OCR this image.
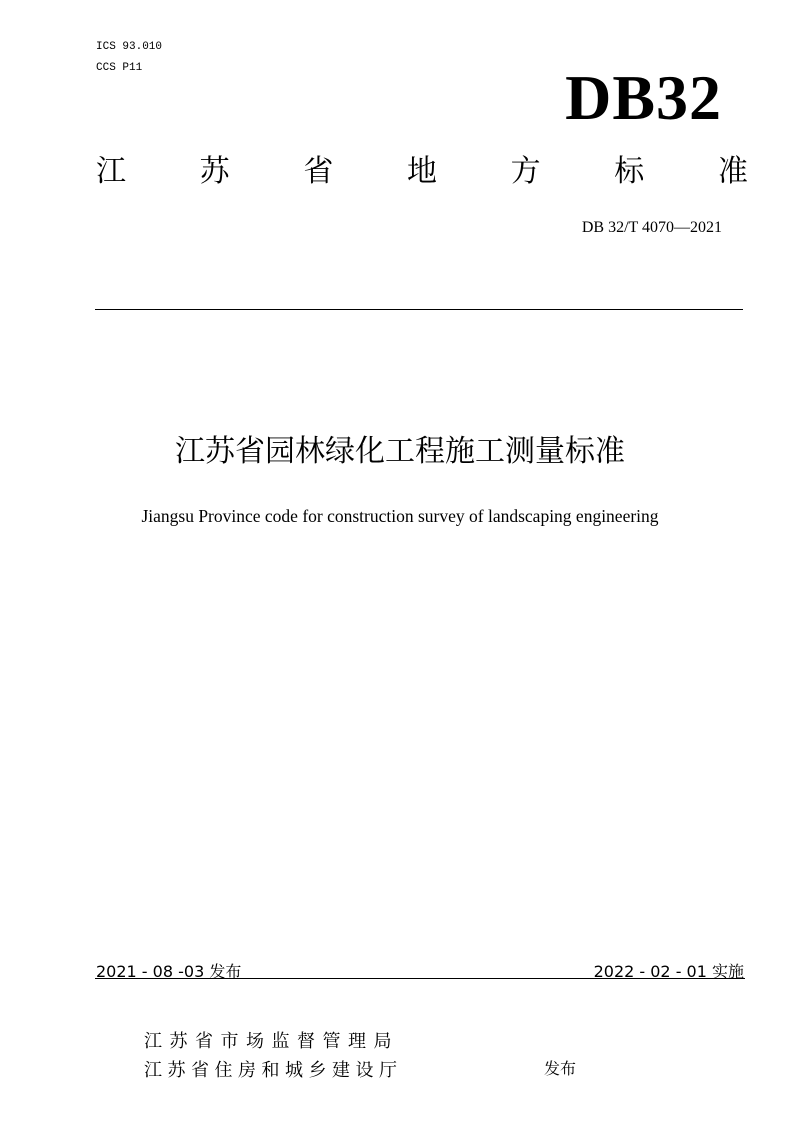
ICS 93.010
CCS P11	DB32
江 苏 省 地 方 标 准
DB 32/T 4070—2021
江苏省园林绿化工程施工测量标准
Jiangsu Province code for construction survey of landscaping engineering
2021 - 08 -03 发布	2022 - 02 - 01 实施
江苏省市场监督管理局
江苏省住房和城乡建设厅	发布
